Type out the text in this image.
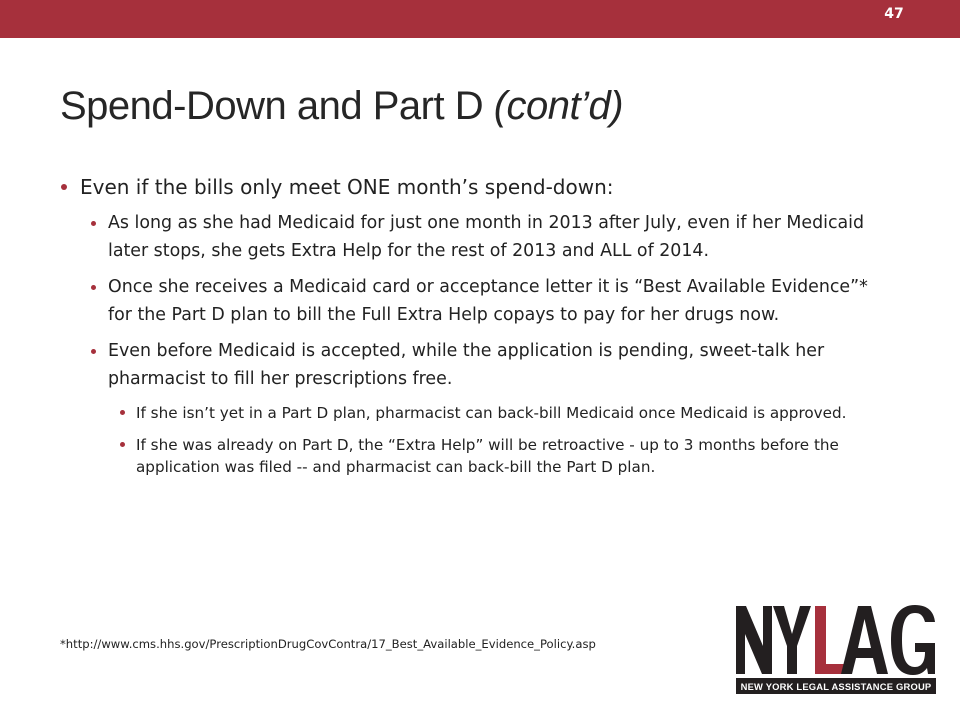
47
Spend-Down and Part D (cont’d)
Even if the bills only meet ONE month’s spend-down:
As long as she had Medicaid for just one month in 2013 after July, even if her Medicaid later stops, she gets Extra Help for the rest of 2013 and ALL of 2014.
Once she receives a Medicaid card or acceptance letter it is “Best Available Evidence”* for the Part D plan to bill the Full Extra Help copays to pay for her drugs now.
Even before Medicaid is accepted, while the application is pending, sweet-talk her pharmacist to fill her prescriptions free.
If she isn’t yet in a Part D plan, pharmacist can back-bill Medicaid once Medicaid is approved.
If she was already on Part D, the “Extra Help” will be retroactive - up to 3 months before the application was filed -- and pharmacist can back-bill the Part D plan.
*http://www.cms.hhs.gov/PrescriptionDrugCovContra/17_Best_Available_Evidence_Policy.asp
NEW YORK LEGAL ASSISTANCE GROUP
